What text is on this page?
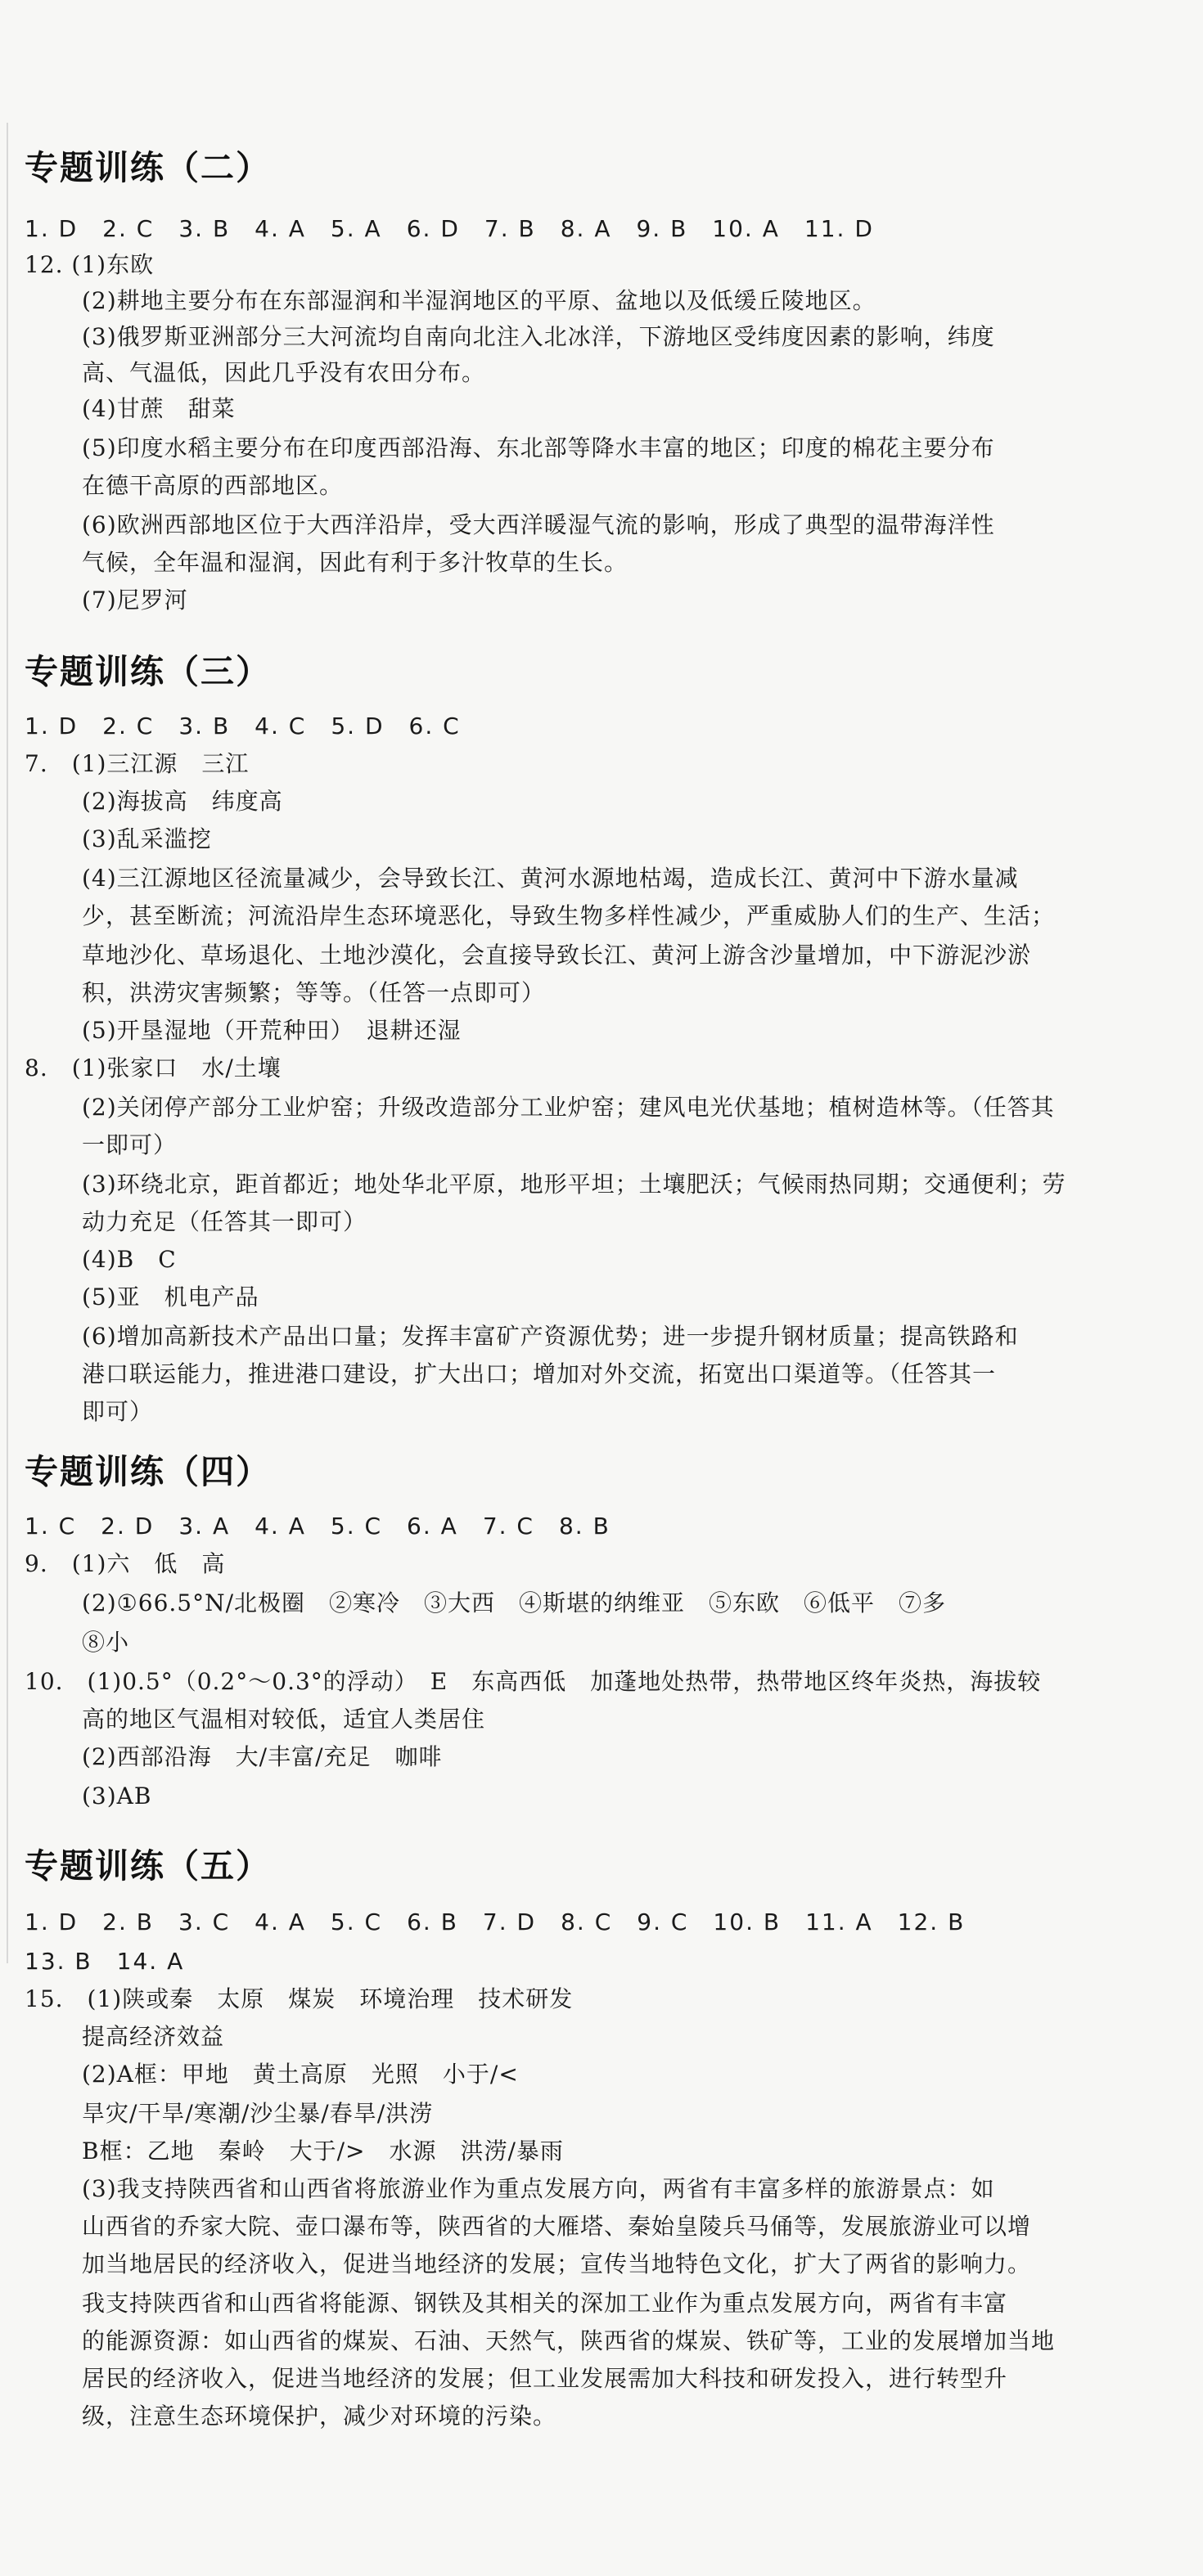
专题训练（二）

1. D　2. C　3. B　4. A　5. A　6. D　7. B　8. A　9. B　10. A　11. D

12. (1)东欧

(2)耕地主要分布在东部湿润和半湿润地区的平原、盆地以及低缓丘陵地区。

(3)俄罗斯亚洲部分三大河流均自南向北注入北冰洋，下游地区受纬度因素的影响，纬度

高、气温低，因此几乎没有农田分布。

(4)甘蔗　甜菜

(5)印度水稻主要分布在印度西部沿海、东北部等降水丰富的地区；印度的棉花主要分布

在德干高原的西部地区。

(6)欧洲西部地区位于大西洋沿岸，受大西洋暖湿气流的影响，形成了典型的温带海洋性

气候，全年温和湿润，因此有利于多汁牧草的生长。

(7)尼罗河

专题训练（三）

1. D　2. C　3. B　4. C　5. D　6. C

7.　(1)三江源　三江

(2)海拔高　纬度高

(3)乱采滥挖

(4)三江源地区径流量减少，会导致长江、黄河水源地枯竭，造成长江、黄河中下游水量减

少，甚至断流；河流沿岸生态环境恶化，导致生物多样性减少，严重威胁人们的生产、生活；

草地沙化、草场退化、土地沙漠化，会直接导致长江、黄河上游含沙量增加，中下游泥沙淤

积，洪涝灾害频繁；等等。（任答一点即可）

(5)开垦湿地（开荒种田）　退耕还湿

8.　(1)张家口　水/土壤

(2)关闭停产部分工业炉窑；升级改造部分工业炉窑；建风电光伏基地；植树造林等。（任答其

一即可）

(3)环绕北京，距首都近；地处华北平原，地形平坦；土壤肥沃；气候雨热同期；交通便利；劳

动力充足（任答其一即可）

(4)B　C

(5)亚　机电产品

(6)增加高新技术产品出口量；发挥丰富矿产资源优势；进一步提升钢材质量；提高铁路和

港口联运能力，推进港口建设，扩大出口；增加对外交流，拓宽出口渠道等。（任答其一

即可）

专题训练（四）

1. C　2. D　3. A　4. A　5. C　6. A　7. C　8. B

9.　(1)六　低　高

(2)①66.5°N/北极圈　②寒冷　③大西　④斯堪的纳维亚　⑤东欧　⑥低平　⑦多

⑧小

10.　(1)0.5°（0.2°～0.3°的浮动）　E　东高西低　加蓬地处热带，热带地区终年炎热，海拔较

高的地区气温相对较低，适宜人类居住

(2)西部沿海　大/丰富/充足　咖啡

(3)AB

专题训练（五）

1. D　2. B　3. C　4. A　5. C　6. B　7. D　8. C　9. C　10. B　11. A　12. B

13. B　14. A

15.　(1)陕或秦　太原　煤炭　环境治理　技术研发

提高经济效益

(2)A框：甲地　黄土高原　光照　小于/<

旱灾/干旱/寒潮/沙尘暴/春旱/洪涝

B框：乙地　秦岭　大于/>　水源　洪涝/暴雨

(3)我支持陕西省和山西省将旅游业作为重点发展方向，两省有丰富多样的旅游景点：如

山西省的乔家大院、壶口瀑布等，陕西省的大雁塔、秦始皇陵兵马俑等，发展旅游业可以增

加当地居民的经济收入，促进当地经济的发展；宣传当地特色文化，扩大了两省的影响力。

我支持陕西省和山西省将能源、钢铁及其相关的深加工业作为重点发展方向，两省有丰富

的能源资源：如山西省的煤炭、石油、天然气，陕西省的煤炭、铁矿等，工业的发展增加当地

居民的经济收入，促进当地经济的发展；但工业发展需加大科技和研发投入，进行转型升

级，注意生态环境保护，减少对环境的污染。
